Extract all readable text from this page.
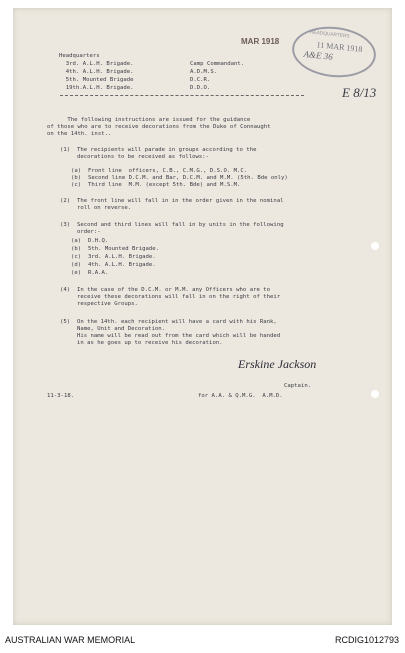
MAR 1918
HEADQUARTERS
11 MAR 1918
A&E 36
E 8/13
Headquarters
3rd. A.L.H. Brigade.
4th. A.L.H. Brigade.
5th. Mounted Brigade
19th.A.L.H. Brigade.
Camp Commandant.
A.D.M.S.
D.C.R.
D.D.O.
The following instructions are issued for the guidance
of those who are to receive decorations from the Duke of Connaught
on the 14th. inst..
(1)  The recipients will parade in groups according to the
decorations to be received as follows:-
(a)  Front line  officers, C.B., C.M.G., D.S.O. M.C.
(b)  Second line D.C.M. and Bar, D.C.M. and M.M. (5th. Bde only)
(c)  Third line  M.M. (except 5th. Bde) and M.S.M.
(2)  The front line will fall in in the order given in the nominal
roll on reverse.
(3)  Second and third lines will fall in by units in the following
order:-
(a)  D.H.Q.
(b)  5th. Mounted Brigade.
(c)  3rd. A.L.H. Brigade.
(d)  4th. A.L.H. Brigade.
(e)  R.A.A.
(4)  In the case of the D.C.M. or M.M. any Officers who are to
receive these decorations will fall in on the right of their
respective Groups.
(5)  On the 14th. each recipient will have a card with his Rank,
Name, Unit and Decoration.
His name will be read out from the card which will be handed
in as he goes up to receive his decoration.
Erskine Jackson
Captain.
11-3-18.	for A.A. & Q.M.G.  A.M.D.
AUSTRALIAN WAR MEMORIAL	RCDIG1012793
